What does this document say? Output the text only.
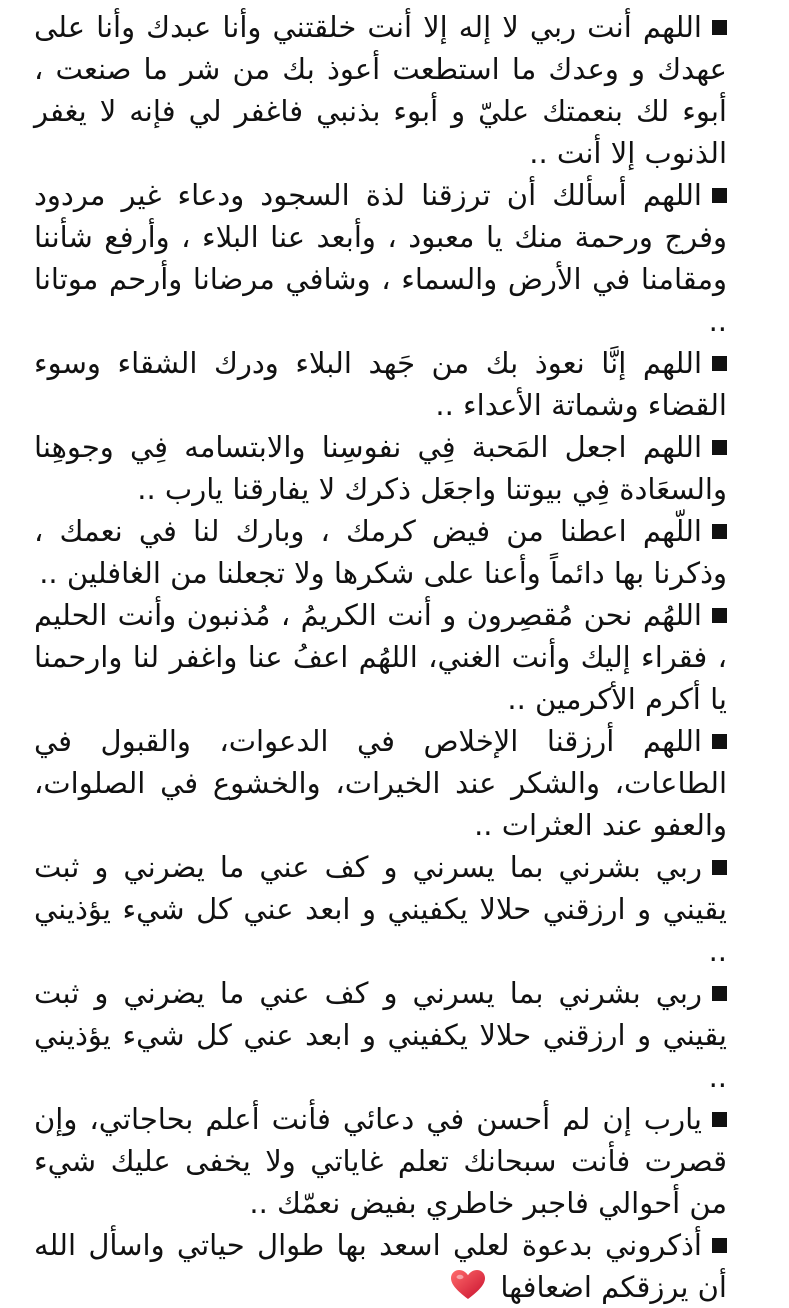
اللهم أنت ربي لا إله إلا أنت خلقتني وأنا عبدك وأنا على عهدك و وعدك ما استطعت أعوذ بك من شر ما صنعت ، أبوء لك بنعمتك عليّ و أبوء بذنبي فاغفر لي فإنه لا يغفر الذنوب إلا أنت ..

اللهم أسألك أن ترزقنا لذة السجود ودعاء غير مردود وفرج ورحمة منك يا معبود ، وأبعد عنا البلاء ، وأرفع شأننا ومقامنا في الأرض والسماء ، وشافي مرضانا وأرحم موتانا ..

اللهم إنَّا نعوذ بك من جَهد البلاء ودرك الشقاء وسوء القضاء وشماتة الأعداء ..

اللهم اجعل المَحبة فِي نفوسِنا والابتسامه فِي وجوهِنا والسعَادة فِي بيوتنا واجعَل ذكرك لا يفارقنا يارب ..

اللّهم اعطنا من فيض كرمك ، وبارك لنا في نعمك ، وذكرنا بها دائماً وأعنا على شكرها ولا تجعلنا من الغافلين ..

اللهُم نحن مُقصِرون و أنت الكريمُ ، مُذنبون وأنت الحليم ، فقراء إليك وأنت الغني، اللهُم اعفُ عنا واغفر لنا وارحمنا يا أكرم الأكرمين ..

اللهم أرزقنا الإخلاص في الدعوات، والقبول في الطاعات، والشكر عند الخيرات، والخشوع في الصلوات، والعفو عند العثرات ..

ربي بشرني بما يسرني و كف عني ما يضرني و ثبت يقيني و ارزقني حلالا يكفيني و ابعد عني كل شيء يؤذيني ..

ربي بشرني بما يسرني و كف عني ما يضرني و ثبت يقيني و ارزقني حلالا يكفيني و ابعد عني كل شيء يؤذيني ..

يارب إن لم أحسن في دعائي فأنت أعلم بحاجاتي، وإن قصرت فأنت سبحانك تعلم غاياتي ولا يخفى عليك شيء من أحوالي فاجبر خاطري بفيض نعمّك ..

أذكروني بدعوة لعلي اسعد بها طوال حياتي واسأل الله أن يرزقكم اضعافها
